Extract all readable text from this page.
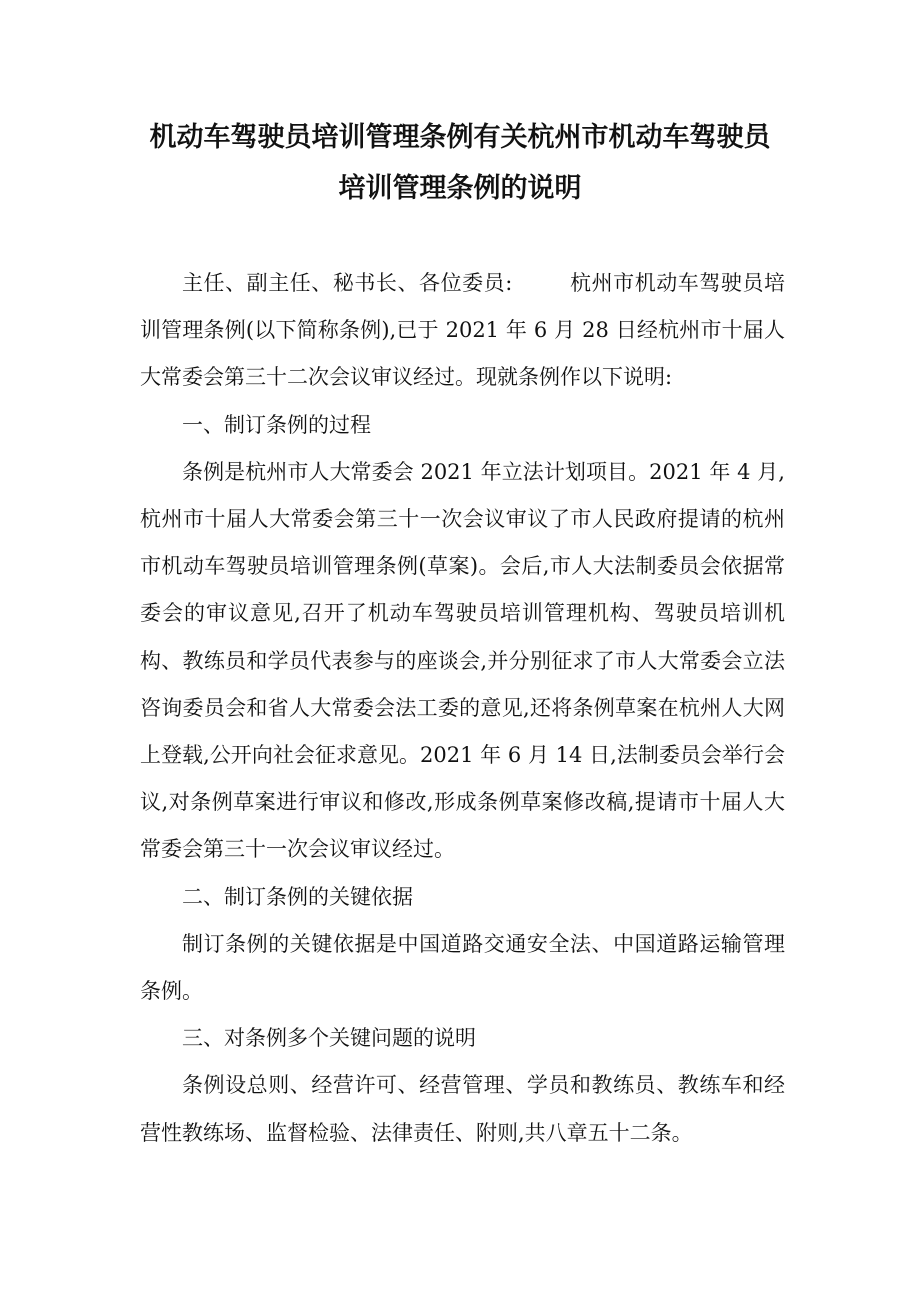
机动车驾驶员培训管理条例有关杭州市机动车驾驶员
培训管理条例的说明

主任、副主任、秘书长、各位委员:        杭州市机动车驾驶员培训管理条例(以下简称条例),已于 2021 年 6 月 28 日经杭州市十届人大常委会第三十二次会议审议经过。现就条例作以下说明:

一、制订条例的过程

条例是杭州市人大常委会 2021 年立法计划项目。2021 年 4 月,杭州市十届人大常委会第三十一次会议审议了市人民政府提请的杭州市机动车驾驶员培训管理条例(草案)。会后,市人大法制委员会依据常委会的审议意见,召开了机动车驾驶员培训管理机构、驾驶员培训机构、教练员和学员代表参与的座谈会,并分别征求了市人大常委会立法咨询委员会和省人大常委会法工委的意见,还将条例草案在杭州人大网上登载,公开向社会征求意见。2021 年 6 月 14 日,法制委员会举行会议,对条例草案进行审议和修改,形成条例草案修改稿,提请市十届人大常委会第三十一次会议审议经过。

二、制订条例的关键依据

制订条例的关键依据是中国道路交通安全法、中国道路运输管理条例。

三、对条例多个关键问题的说明

条例设总则、经营许可、经营管理、学员和教练员、教练车和经营性教练场、监督检验、法律责任、附则,共八章五十二条。
